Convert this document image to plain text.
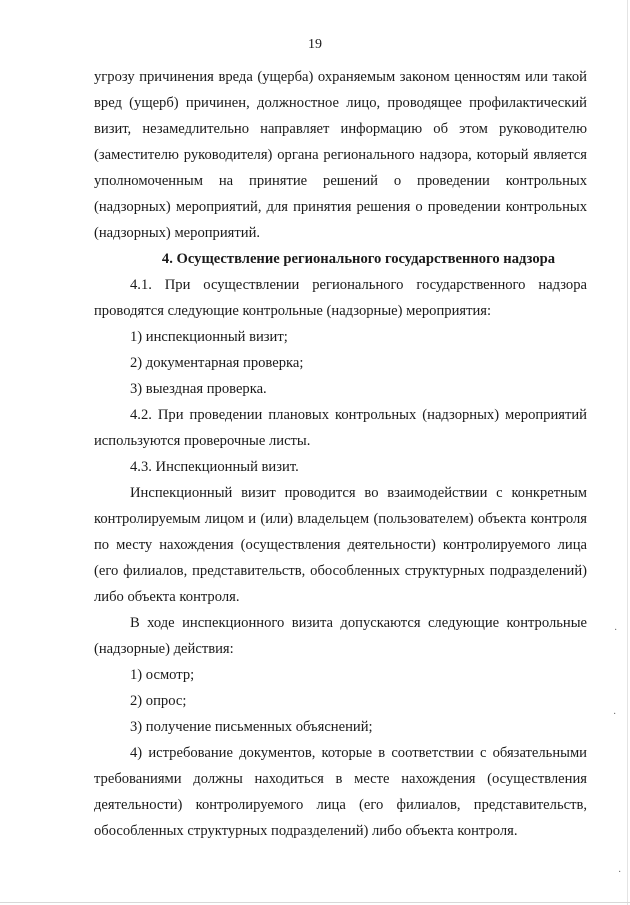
19

угрозу причинения вреда (ущерба) охраняемым законом ценностям или такой вред (ущерб) причинен, должностное лицо, проводящее профилактический визит, незамедлительно направляет информацию об этом руководителю (заместителю руководителя) органа регионального надзора, который является уполномоченным на принятие решений о проведении контрольных (надзорных) мероприятий, для принятия решения о проведении контрольных (надзорных) мероприятий.

4. Осуществление регионального государственного надзора

4.1. При осуществлении регионального государственного надзора проводятся следующие контрольные (надзорные) мероприятия:

1) инспекционный визит;

2) документарная проверка;

3) выездная проверка.

4.2. При проведении плановых контрольных (надзорных) мероприятий используются проверочные листы.

4.3. Инспекционный визит.

Инспекционный визит проводится во взаимодействии с конкретным контролируемым лицом и (или) владельцем (пользователем) объекта контроля по месту нахождения (осуществления деятельности) контролируемого лица (его филиалов, представительств, обособленных структурных подразделений) либо объекта контроля.

В ходе инспекционного визита допускаются следующие контрольные (надзорные) действия:

1) осмотр;

2) опрос;

3) получение письменных объяснений;

4) истребование документов, которые в соответствии с обязательными требованиями должны находиться в месте нахождения (осуществления деятельности) контролируемого лица (его филиалов, представительств, обособленных структурных подразделений) либо объекта контроля.

·
·
·
